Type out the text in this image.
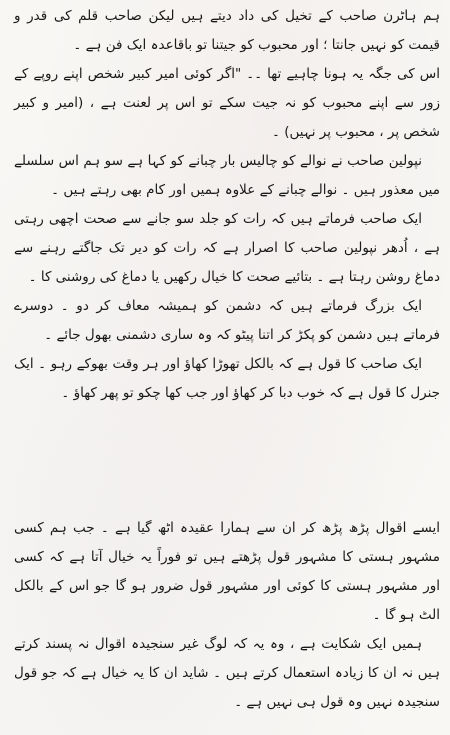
ہم ہاٹرن صاحب کے تخیل کی داد دیتے ہیں لیکن صاحب قلم کی قدر و قیمت کو نہیں جانتا ؛ اور محبوب کو جیتنا تو باقاعدہ ایک فن ہے ۔

اس کی جگہ یہ ہونا چاہیے تھا ۔۔ "اگر کوئی امیر کبیر شخص اپنے روپے کے زور سے اپنے محبوب کو نہ جیت سکے تو اس پر لعنت ہے ، (امیر و کبیر شخص پر ، محبوب پر نہیں) ۔

نپولین صاحب نے نوالے کو چالیس بار چبانے کو کہا ہے سو ہم اس سلسلے میں معذور ہیں ۔ نوالے چبانے کے علاوہ ہمیں اور کام بھی رہتے ہیں ۔

ایک صاحب فرماتے ہیں کہ رات کو جلد سو جانے سے صحت اچھی رہتی ہے ، اُدھر نپولین صاحب کا اصرار ہے کہ رات کو دیر تک جاگتے رہنے سے دماغ روشن رہتا ہے ۔ بتائیے صحت کا خیال رکھیں یا دماغ کی روشنی کا ۔

ایک بزرگ فرماتے ہیں کہ دشمن کو ہمیشہ معاف کر دو ۔ دوسرے فرماتے ہیں دشمن کو پکڑ کر اتنا پیٹو کہ وہ ساری دشمنی بھول جائے ۔

ایک صاحب کا قول ہے کہ بالکل تھوڑا کھاؤ اور ہر وقت بھوکے رہو ۔ ایک جنرل کا قول ہے کہ خوب دبا کر کھاؤ اور جب کھا چکو تو پھر کھاؤ ۔

ایسے اقوال پڑھ پڑھ کر ان سے ہمارا عقیدہ اٹھ گیا ہے ۔ جب ہم کسی مشہور ہستی کا مشہور قول پڑھتے ہیں تو فوراً یہ خیال آتا ہے کہ کسی اور مشہور ہستی کا کوئی اور مشہور قول ضرور ہو گا جو اس کے بالکل الٹ ہو گا ۔

ہمیں ایک شکایت ہے ، وہ یہ کہ لوگ غیر سنجیدہ اقوال نہ پسند کرتے ہیں نہ ان کا زیادہ استعمال کرتے ہیں ۔ شاید ان کا یہ خیال ہے کہ جو قول سنجیدہ نہیں وہ قول ہی نہیں ہے ۔
